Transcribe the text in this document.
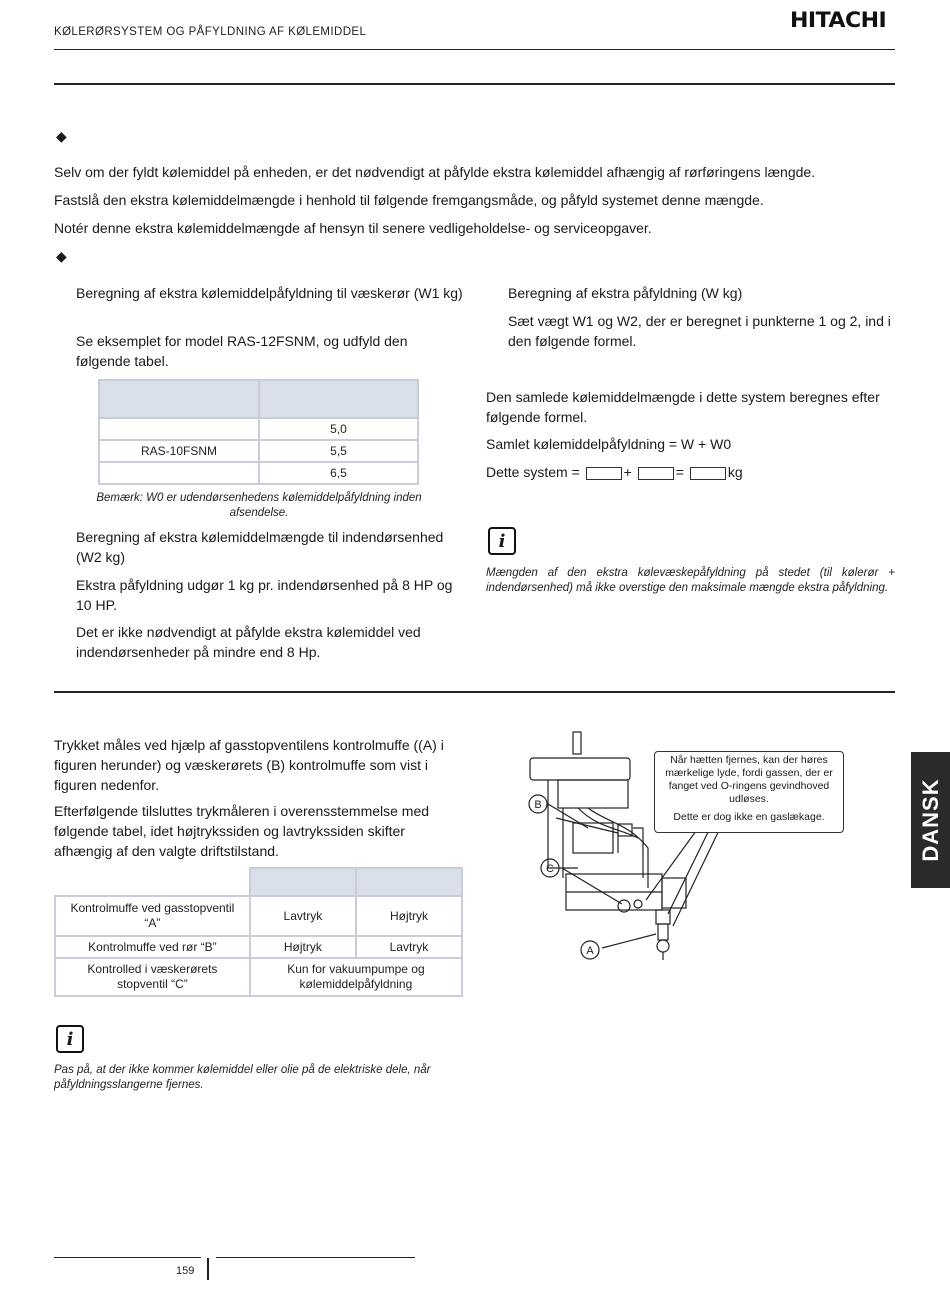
KØLERØRSYSTEM OG PÅFYLDNING AF KØLEMIDDEL	HITACHI
◆
Selv om der fyldt kølemiddel på enheden, er det nødvendigt at påfylde ekstra kølemiddel afhængig af rørføringens længde.
Fastslå den ekstra kølemiddelmængde i henhold til følgende fremgangsmåde, og påfyld systemet denne mængde.
Notér denne ekstra kølemiddelmængde af hensyn til senere vedligeholdelse- og serviceopgaver.
◆
Beregning af ekstra kølemiddelpåfyldning til væskerør (W1 kg)
Se eksemplet for model RAS-12FSNM, og udfyld den følgende tabel.

	5,0
RAS-10FSNM	5,5
	6,5
Bemærk: W0 er udendørsenhedens kølemiddelpåfyldning inden afsendelse.
Beregning af ekstra kølemiddelmængde til indendørsenhed (W2 kg)
Ekstra påfyldning udgør 1 kg pr. indendørsenhed på 8 HP og 10 HP.
Det er ikke nødvendigt at påfylde ekstra kølemiddel ved indendørsenheder på mindre end 8 Hp.
Beregning af ekstra påfyldning (W kg)
Sæt vægt W1 og W2, der er beregnet i punkterne 1 og 2, ind i den følgende formel.
Den samlede kølemiddelmængde i dette system beregnes efter følgende formel.
Samlet kølemiddelpåfyldning = W + W0
Dette system =	+	=	kg
i
Mængden af den ekstra kølevæskepåfyldning på stedet (til kølerør + indendørsenhed) må ikke overstige den maksimale mængde ekstra påfyldning.
Trykket måles ved hjælp af gasstopventilens kontrolmuffe ((A) i figuren herunder) og væskerørets (B) kontrolmuffe som vist i figuren nedenfor.
Efterfølgende tilsluttes trykmåleren i overensstemmelse med følgende tabel, idet højtrykssiden og lavtrykssiden skifter afhængig af den valgte driftstilstand.

Kontrolmuffe ved gasstopventil “A”	Lavtryk	Højtryk
Kontrolmuffe ved rør “B”	Højtryk	Lavtryk
Kontrolled i væskerørets stopventil “C”	Kun for vakuumpumpe og kølemiddelpåfyldning	
i
Pas på, at der ikke kommer kølemiddel eller olie på de elektriske dele, når påfyldningsslangerne fjernes.
B
C
A
Når hætten fjernes, kan der høres mærkelige lyde, fordi gassen, der er fanget ved O-ringens gevindhoved udløses.
Dette er dog ikke en gaslækage.	DANSK
159
